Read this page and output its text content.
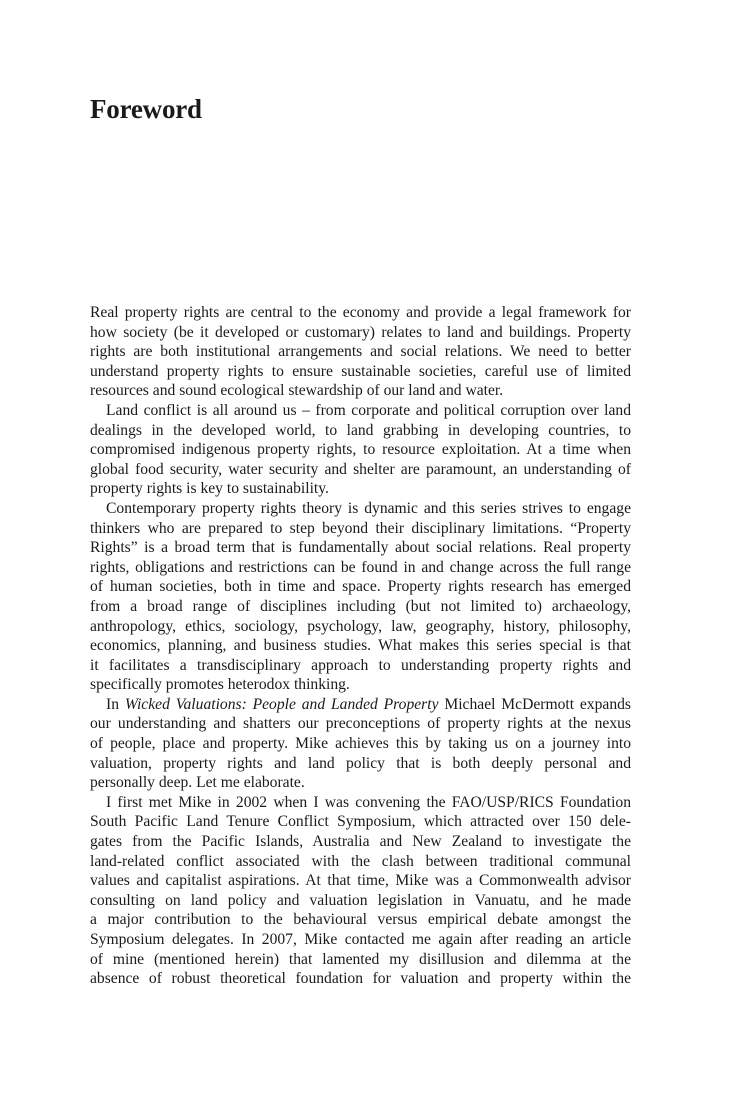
Foreword
Real property rights are central to the economy and provide a legal framework for
how society (be it developed or customary) relates to land and buildings. Property
rights are both institutional arrangements and social relations. We need to better
understand property rights to ensure sustainable societies, careful use of limited
resources and sound ecological stewardship of our land and water.
Land conflict is all around us – from corporate and political corruption over land
dealings in the developed world, to land grabbing in developing countries, to
compromised indigenous property rights, to resource exploitation. At a time when
global food security, water security and shelter are paramount, an understanding of
property rights is key to sustainability.
Contemporary property rights theory is dynamic and this series strives to engage
thinkers who are prepared to step beyond their disciplinary limitations. “Property
Rights” is a broad term that is fundamentally about social relations. Real property
rights, obligations and restrictions can be found in and change across the full range
of human societies, both in time and space. Property rights research has emerged
from a broad range of disciplines including (but not limited to) archaeology,
anthropology, ethics, sociology, psychology, law, geography, history, philosophy,
economics, planning, and business studies. What makes this series special is that
it facilitates a transdisciplinary approach to understanding property rights and
specifically promotes heterodox thinking.
In Wicked Valuations: People and Landed Property Michael McDermott expands
our understanding and shatters our preconceptions of property rights at the nexus
of people, place and property. Mike achieves this by taking us on a journey into
valuation, property rights and land policy that is both deeply personal and
personally deep. Let me elaborate.
I first met Mike in 2002 when I was convening the FAO/USP/RICS Foundation
South Pacific Land Tenure Conflict Symposium, which attracted over 150 dele-
gates from the Pacific Islands, Australia and New Zealand to investigate the
land-related conflict associated with the clash between traditional communal
values and capitalist aspirations. At that time, Mike was a Commonwealth advisor
consulting on land policy and valuation legislation in Vanuatu, and he made
a major contribution to the behavioural versus empirical debate amongst the
Symposium delegates. In 2007, Mike contacted me again after reading an article
of mine (mentioned herein) that lamented my disillusion and dilemma at the
absence of robust theoretical foundation for valuation and property within the
